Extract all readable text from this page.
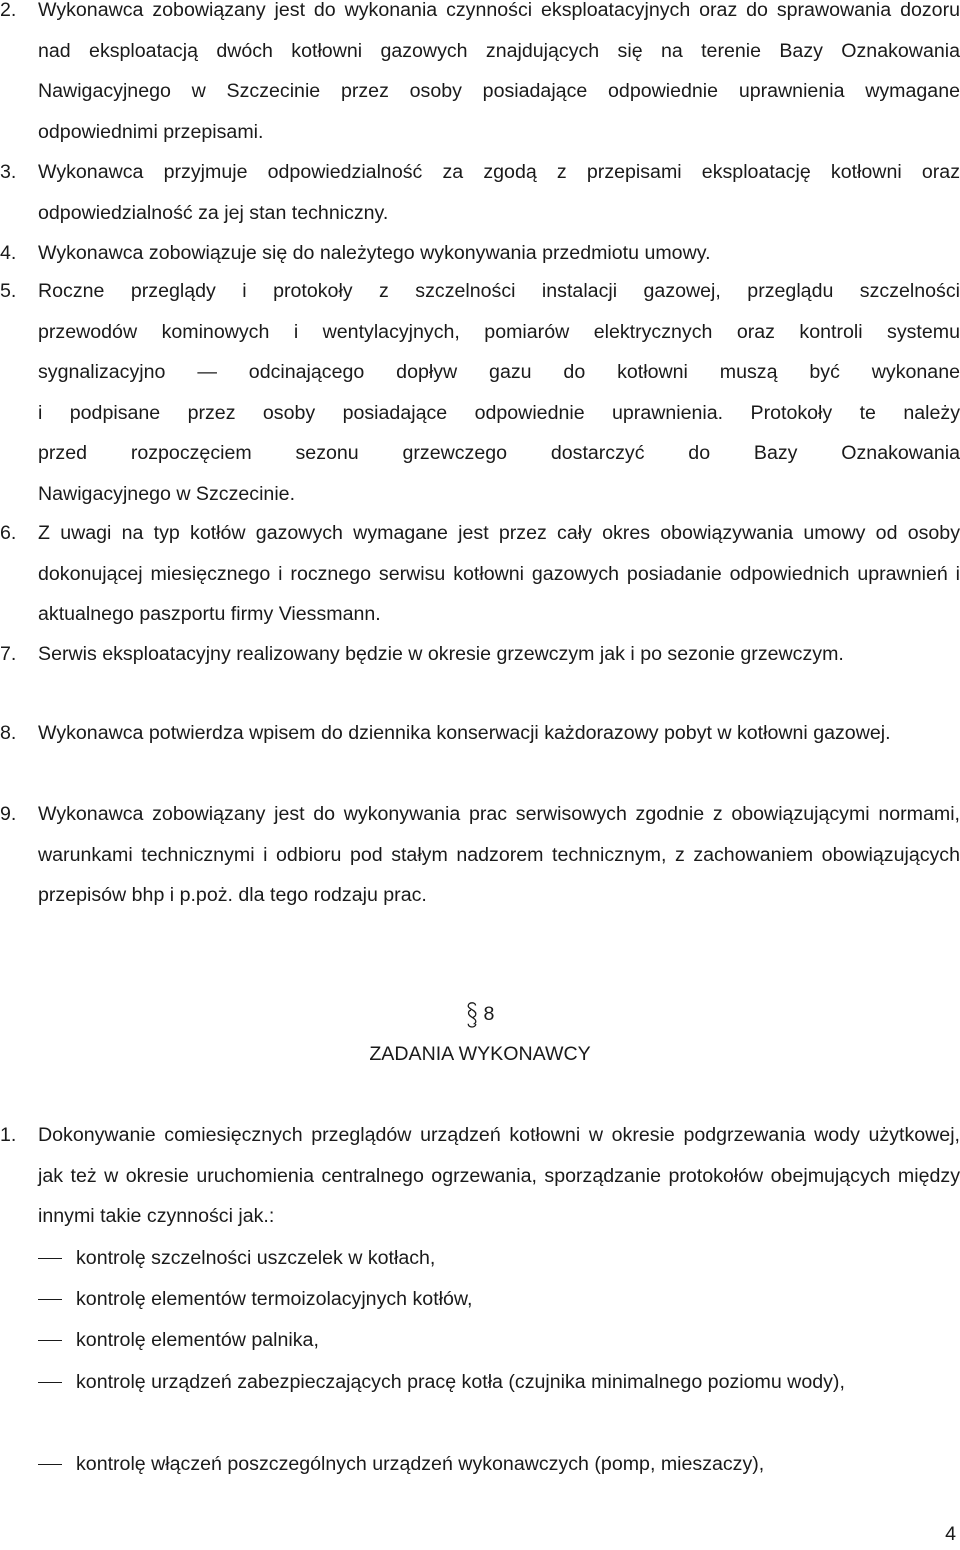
2. Wykonawca zobowiązany jest do wykonania czynności eksploatacyjnych oraz do sprawowania dozoru nad eksploatacją dwóch kotłowni gazowych znajdujących się na terenie Bazy Oznakowania Nawigacyjnego w Szczecinie przez osoby posiadające odpowiednie uprawnienia wymagane odpowiednimi przepisami.
3. Wykonawca przyjmuje odpowiedzialność za zgodą z przepisami eksploatację kotłowni oraz odpowiedzialność za jej stan techniczny.
4. Wykonawca zobowiązuje się do należytego wykonywania przedmiotu umowy.
5. Roczne przeglądy i protokoły z szczelności instalacji gazowej, przeglądu szczelności
przewodów kominowych i wentylacyjnych, pomiarów elektrycznych oraz kontroli systemu
sygnalizacyjno — odcinającego dopływ gazu do kotłowni muszą być wykonane
i podpisane przez osoby posiadające odpowiednie uprawnienia. Protokoły te należy
przed rozpoczęciem sezonu grzewczego dostarczyć do Bazy Oznakowania
Nawigacyjnego w Szczecinie.
6. Z uwagi na typ kotłów gazowych wymagane jest przez cały okres obowiązywania umowy od osoby dokonującej miesięcznego i rocznego serwisu kotłowni gazowych posiadanie odpowiednich uprawnień i aktualnego paszportu firmy Viessmann.
7. Serwis eksploatacyjny realizowany będzie w okresie grzewczym jak i po sezonie grzewczym.
8. Wykonawca potwierdza wpisem do dziennika konserwacji każdorazowy pobyt w kotłowni gazowej.
9. Wykonawca zobowiązany jest do wykonywania prac serwisowych zgodnie z obowiązującymi normami, warunkami technicznymi i odbioru pod stałym nadzorem technicznym, z zachowaniem obowiązujących przepisów bhp i p.poż. dla tego rodzaju prac.
8
ZADANIA WYKONAWCY
1. Dokonywanie comiesięcznych przeglądów urządzeń kotłowni w okresie podgrzewania wody użytkowej, jak też w okresie uruchomienia centralnego ogrzewania, sporządzanie protokołów obejmujących między innymi takie czynności jak.:
kontrolę szczelności uszczelek w kotłach,
kontrolę elementów termoizolacyjnych kotłów,
kontrolę elementów palnika,
kontrolę urządzeń zabezpieczających pracę kotła (czujnika minimalnego poziomu wody),
kontrolę włączeń poszczególnych urządzeń wykonawczych (pomp, mieszaczy),
4
